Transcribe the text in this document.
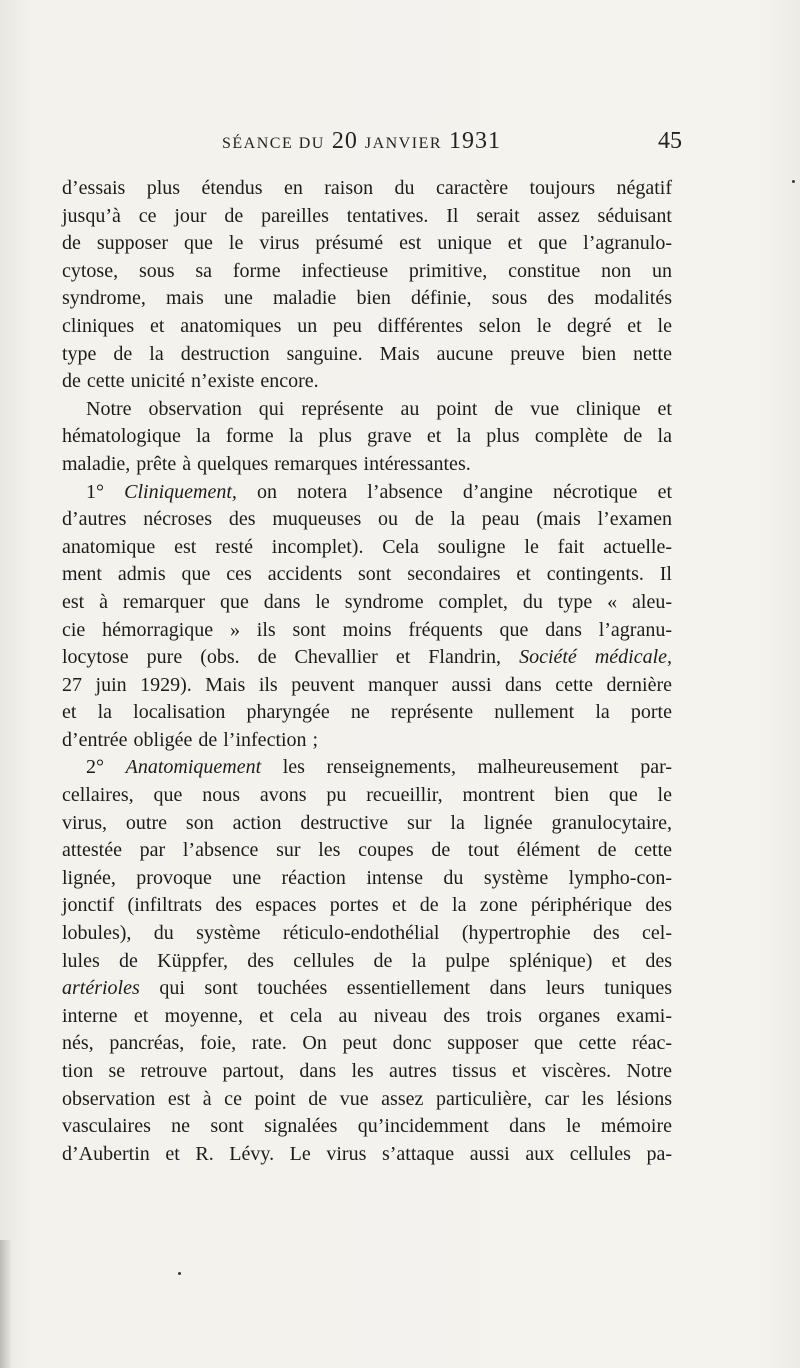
SÉANCE DU 20 JANVIER 1931	45
d’essais plus étendus en raison du caractère toujours négatif
jusqu’à ce jour de pareilles tentatives. Il serait assez séduisant
de supposer que le virus présumé est unique et que l’agranulo-
cytose, sous sa forme infectieuse primitive, constitue non un
syndrome, mais une maladie bien définie, sous des modalités
cliniques et anatomiques un peu différentes selon le degré et le
type de la destruction sanguine. Mais aucune preuve bien nette
de cette unicité n’existe encore.
Notre observation qui représente au point de vue clinique et
hématologique la forme la plus grave et la plus complète de la
maladie, prête à quelques remarques intéressantes.
1° Cliniquement, on notera l’absence d’angine nécrotique et
d’autres nécroses des muqueuses ou de la peau (mais l’examen
anatomique est resté incomplet). Cela souligne le fait actuelle-
ment admis que ces accidents sont secondaires et contingents. Il
est à remarquer que dans le syndrome complet, du type « aleu-
cie hémorragique » ils sont moins fréquents que dans l’agranu-
locytose pure (obs. de Chevallier et Flandrin, Société médicale,
27 juin 1929). Mais ils peuvent manquer aussi dans cette dernière
et la localisation pharyngée ne représente nullement la porte
d’entrée obligée de l’infection ;
2° Anatomiquement les renseignements, malheureusement par-
cellaires, que nous avons pu recueillir, montrent bien que le
virus, outre son action destructive sur la lignée granulocytaire,
attestée par l’absence sur les coupes de tout élément de cette
lignée, provoque une réaction intense du système lympho-con-
jonctif (infiltrats des espaces portes et de la zone périphérique des
lobules), du système réticulo-endothélial (hypertrophie des cel-
lules de Küppfer, des cellules de la pulpe splénique) et des
artérioles qui sont touchées essentiellement dans leurs tuniques
interne et moyenne, et cela au niveau des trois organes exami-
nés, pancréas, foie, rate. On peut donc supposer que cette réac-
tion se retrouve partout, dans les autres tissus et viscères. Notre
observation est à ce point de vue assez particulière, car les lésions
vasculaires ne sont signalées qu’incidemment dans le mémoire
d’Aubertin et R. Lévy. Le virus s’attaque aussi aux cellules pa-
